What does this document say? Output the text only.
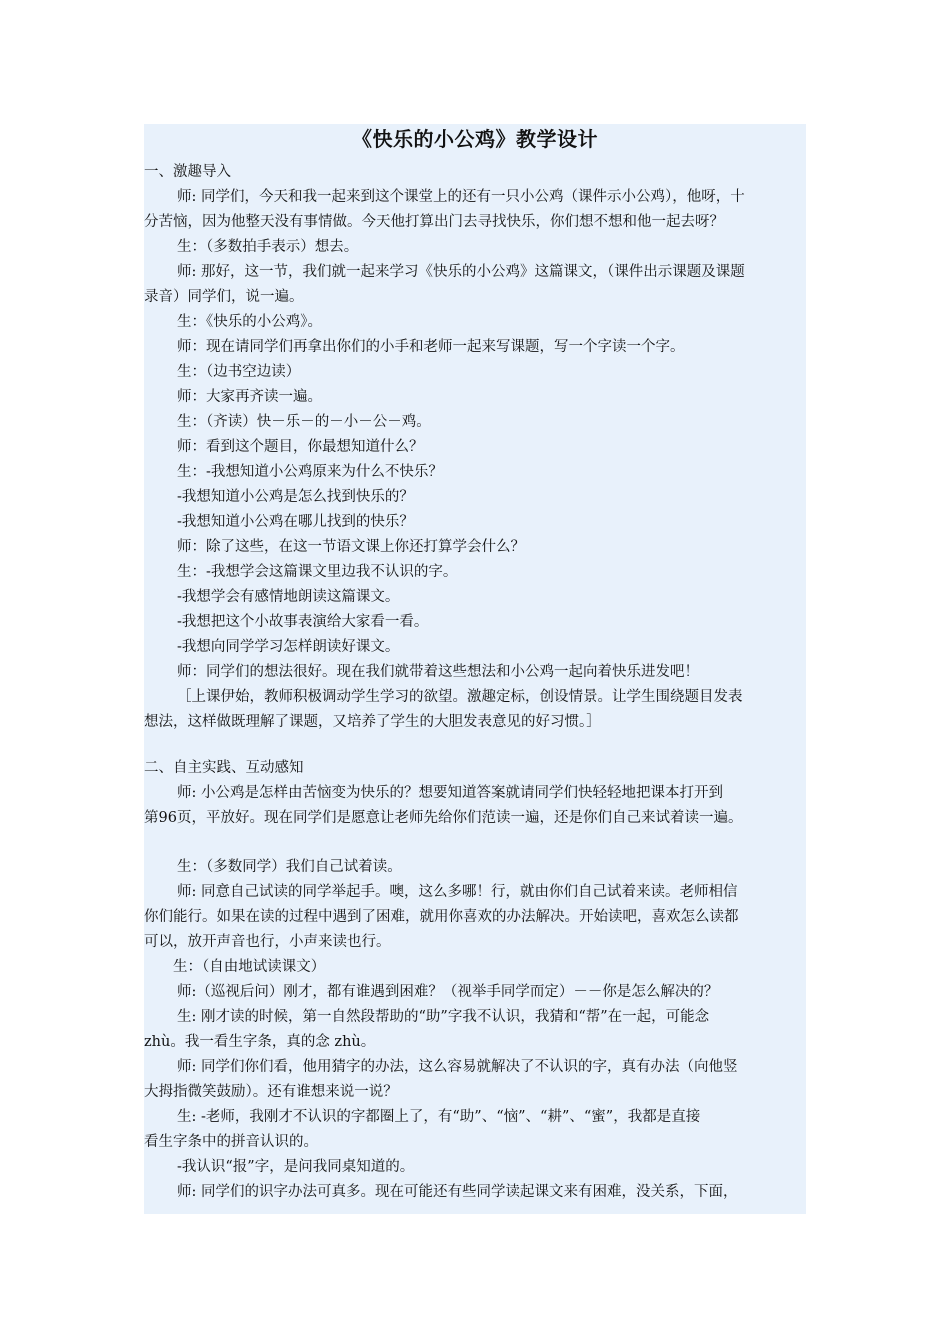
《快乐的小公鸡》教学设计
一、激趣导入
师: 同学们，今天和我一起来到这个课堂上的还有一只小公鸡（课件示小公鸡），他呀，十
分苦恼，因为他整天没有事情做。今天他打算出门去寻找快乐，你们想不想和他一起去呀？
生：（多数拍手表示）想去。
师: 那好，这一节，我们就一起来学习《快乐的小公鸡》这篇课文，（课件出示课题及课题
录音）同学们，说一遍。
生：《快乐的小公鸡》。
师：现在请同学们再拿出你们的小手和老师一起来写课题，写一个字读一个字。
生：（边书空边读）
师：大家再齐读一遍。
生：（齐读）快－乐－的－小－公－鸡。
师：看到这个题目，你最想知道什么？
生：-我想知道小公鸡原来为什么不快乐？
-我想知道小公鸡是怎么找到快乐的？
-我想知道小公鸡在哪儿找到的快乐？
师：除了这些，在这一节语文课上你还打算学会什么？
生：-我想学会这篇课文里边我不认识的字。
-我想学会有感情地朗读这篇课文。
-我想把这个小故事表演给大家看一看。
-我想向同学学习怎样朗读好课文。
师：同学们的想法很好。现在我们就带着这些想法和小公鸡一起向着快乐进发吧！
［上课伊始，教师积极调动学生学习的欲望。激趣定标，创设情景。让学生围绕题目发表
想法，这样做既理解了课题，又培养了学生的大胆发表意见的好习惯。］
二、自主实践、互动感知
师: 小公鸡是怎样由苦恼变为快乐的？想要知道答案就请同学们快轻轻地把课本打开到
第96页，平放好。现在同学们是愿意让老师先给你们范读一遍，还是你们自己来试着读一遍。
生：（多数同学）我们自己试着读。
师: 同意自己试读的同学举起手。噢，这么多哪！行，就由你们自己试着来读。老师相信
你们能行。如果在读的过程中遇到了困难，就用你喜欢的办法解决。开始读吧，喜欢怎么读都
可以，放开声音也行，小声来读也行。
生：（自由地试读课文）
师:（巡视后问）刚才，都有谁遇到困难？（视举手同学而定）－－你是怎么解决的？
生: 刚才读的时候，第一自然段帮助的“助”字我不认识，我猜和“帮”在一起，可能念
zhù。我一看生字条，真的念 zhù。
师: 同学们你们看，他用猜字的办法，这么容易就解决了不认识的字，真有办法（向他竖
大拇指微笑鼓励）。还有谁想来说一说？
生: -老师，我刚才不认识的字都圈上了，有“助”、“恼”、“耕”、“蜜”，我都是直接
看生字条中的拼音认识的。
-我认识“报”字，是问我同桌知道的。
师: 同学们的识字办法可真多。现在可能还有些同学读起课文来有困难，没关系，下面，
